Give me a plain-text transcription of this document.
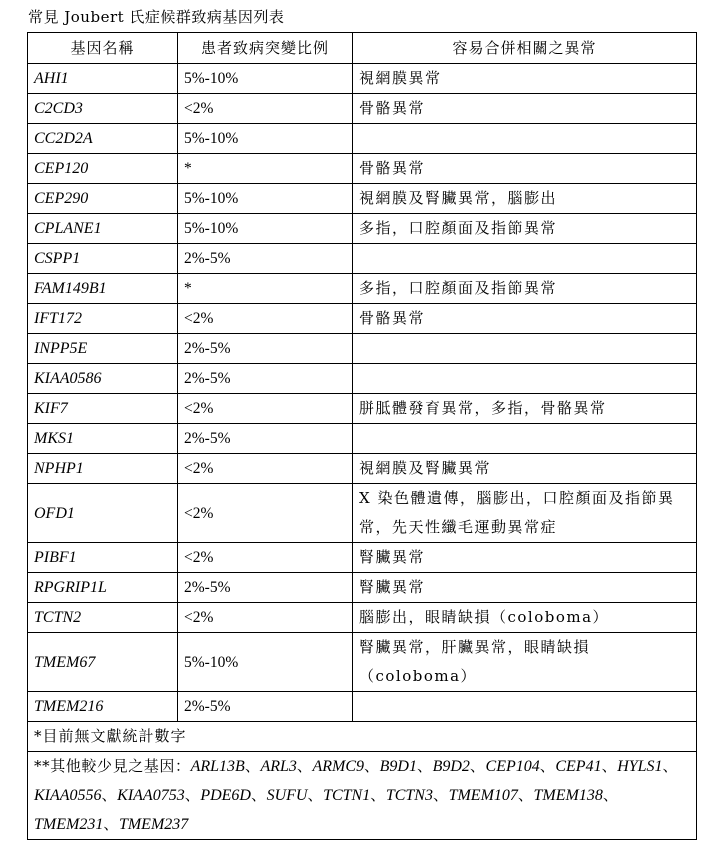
常見 Joubert 氏症候群致病基因列表
基因名稱	患者致病突變比例	容易合併相關之異常
AHI1	5%-10%	視網膜異常
C2CD3	<2%	骨骼異常
CC2D2A	5%-10%	
CEP120	*	骨骼異常
CEP290	5%-10%	視網膜及腎臟異常，腦膨出
CPLANE1	5%-10%	多指，口腔顏面及指節異常
CSPP1	2%-5%	
FAM149B1	*	多指，口腔顏面及指節異常
IFT172	<2%	骨骼異常
INPP5E	2%-5%	
KIAA0586	2%-5%	
KIF7	<2%	胼胝體發育異常，多指，骨骼異常
MKS1	2%-5%	
NPHP1	<2%	視網膜及腎臟異常
OFD1	<2%	X 染色體遺傳，腦膨出，口腔顏面及指節異常，先天性纖毛運動異常症
PIBF1	<2%	腎臟異常
RPGRIP1L	2%-5%	腎臟異常
TCTN2	<2%	腦膨出，眼睛缺損（coloboma）
TMEM67	5%-10%	腎臟異常，肝臟異常，眼睛缺損（coloboma）
TMEM216	2%-5%	
*目前無文獻統計數字		
**其他較少見之基因：ARL13B、ARL3、ARMC9、B9D1、B9D2、CEP104、CEP41、HYLS1、KIAA0556、KIAA0753、PDE6D、SUFU、TCTN1、TCTN3、TMEM107、TMEM138、TMEM231、TMEM237		
